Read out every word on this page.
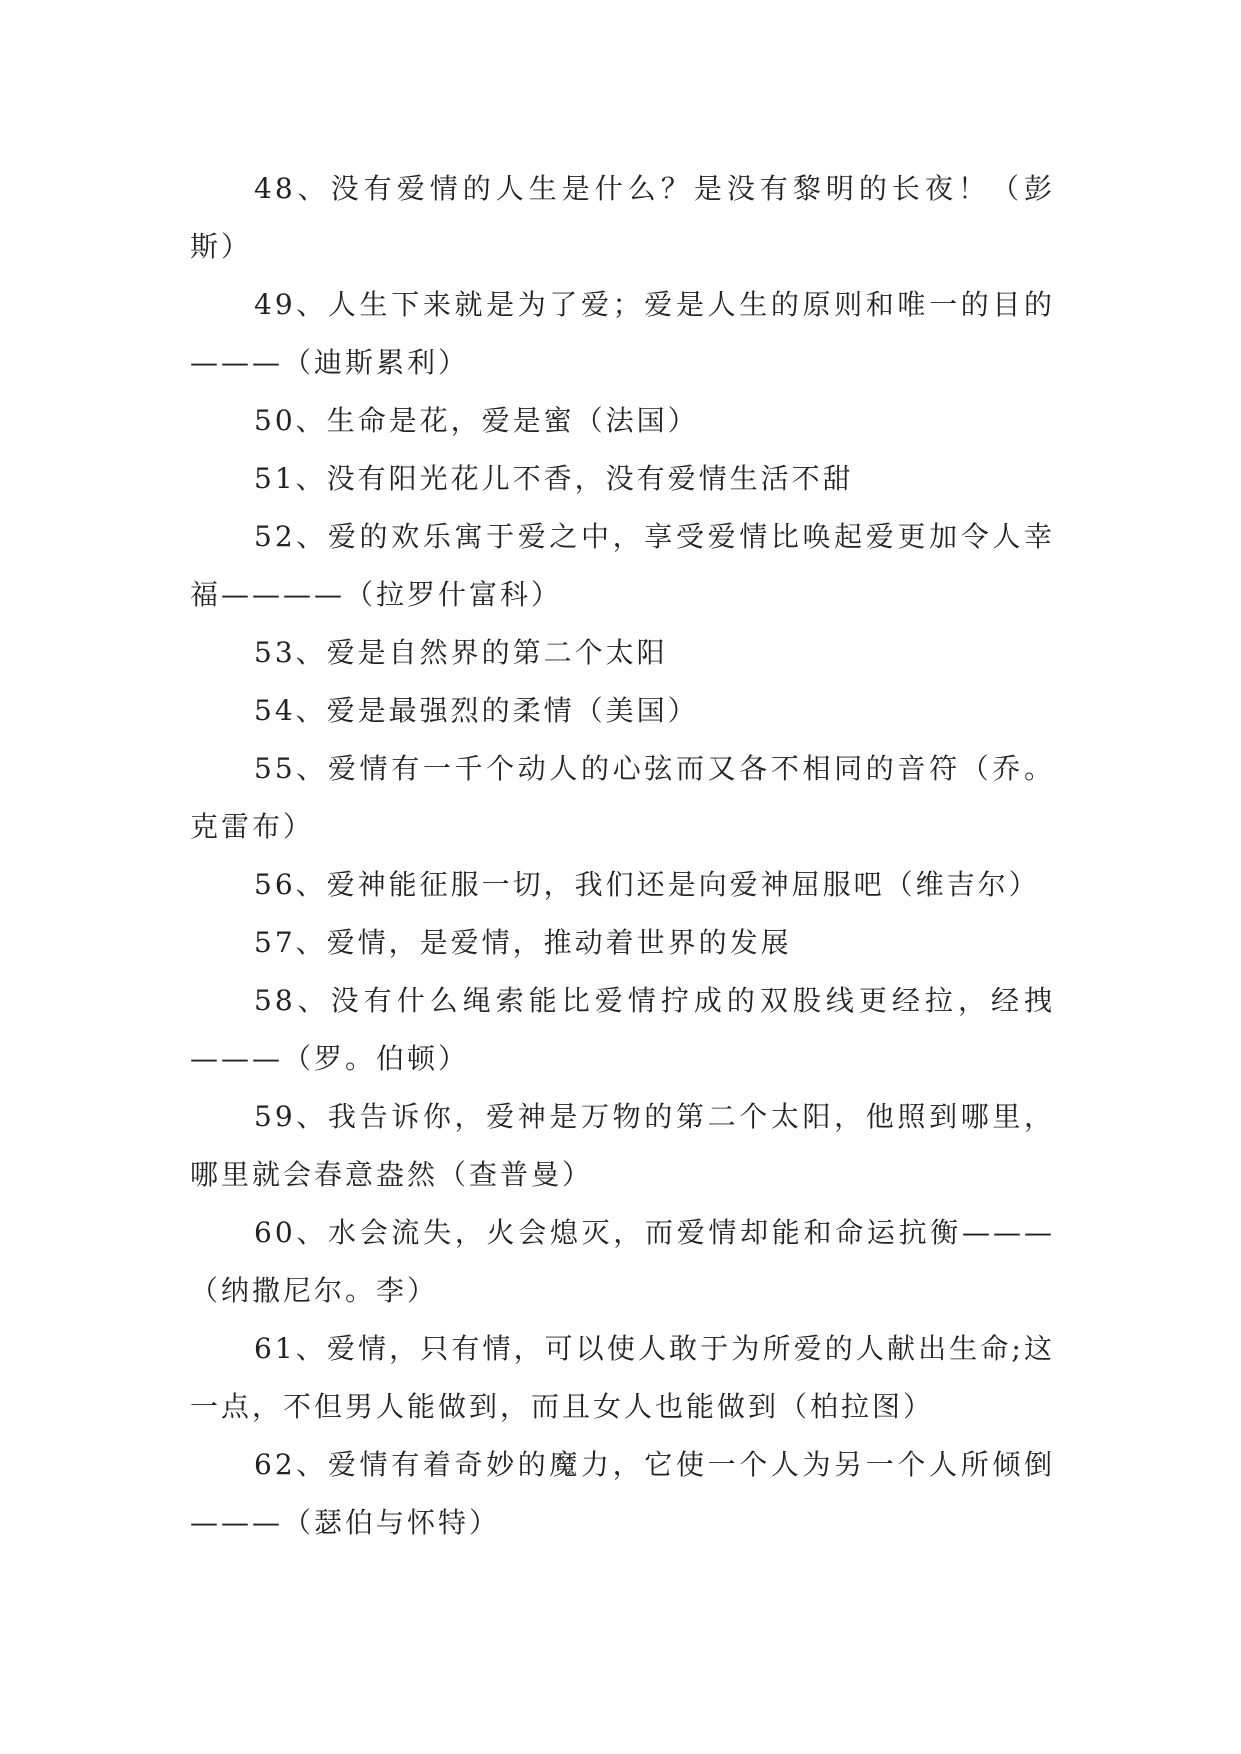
48、没有爱情的人生是什么？是没有黎明的长夜！（彭斯）

49、人生下来就是为了爱；爱是人生的原则和唯一的目的———（迪斯累利）

50、生命是花，爱是蜜（法国）

51、没有阳光花儿不香，没有爱情生活不甜

52、爱的欢乐寓于爱之中，享受爱情比唤起爱更加令人幸福————（拉罗什富科）

53、爱是自然界的第二个太阳

54、爱是最强烈的柔情（美国）

55、爱情有一千个动人的心弦而又各不相同的音符（乔。克雷布）

56、爱神能征服一切，我们还是向爱神屈服吧（维吉尔）

57、爱情，是爱情，推动着世界的发展

58、没有什么绳索能比爱情拧成的双股线更经拉，经拽———（罗。伯顿）

59、我告诉你，爱神是万物的第二个太阳，他照到哪里，哪里就会春意盎然（查普曼）

60、水会流失，火会熄灭，而爱情却能和命运抗衡———（纳撒尼尔。李）

61、爱情，只有情，可以使人敢于为所爱的人献出生命;这一点，不但男人能做到，而且女人也能做到（柏拉图）

62、爱情有着奇妙的魔力，它使一个人为另一个人所倾倒———（瑟伯与怀特）
